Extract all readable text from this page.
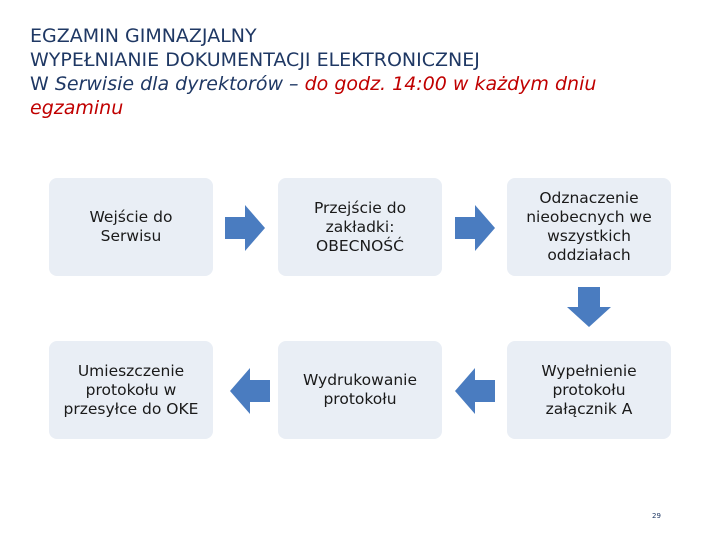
EGZAMIN GIMNAZJALNY
WYPEŁNIANIE DOKUMENTACJI ELEKTRONICZNEJ
W Serwisie dla dyrektorów – do godz. 14:00 w każdym dniu
egzaminu
Wejście do Serwisu
Przejście do zakładki: OBECNOŚĆ
Odznaczenie nieobecnych we wszystkich oddziałach
Umieszczenie protokołu w przesyłce do OKE
Wydrukowanie protokołu
Wypełnienie protokołu załącznik A
29
